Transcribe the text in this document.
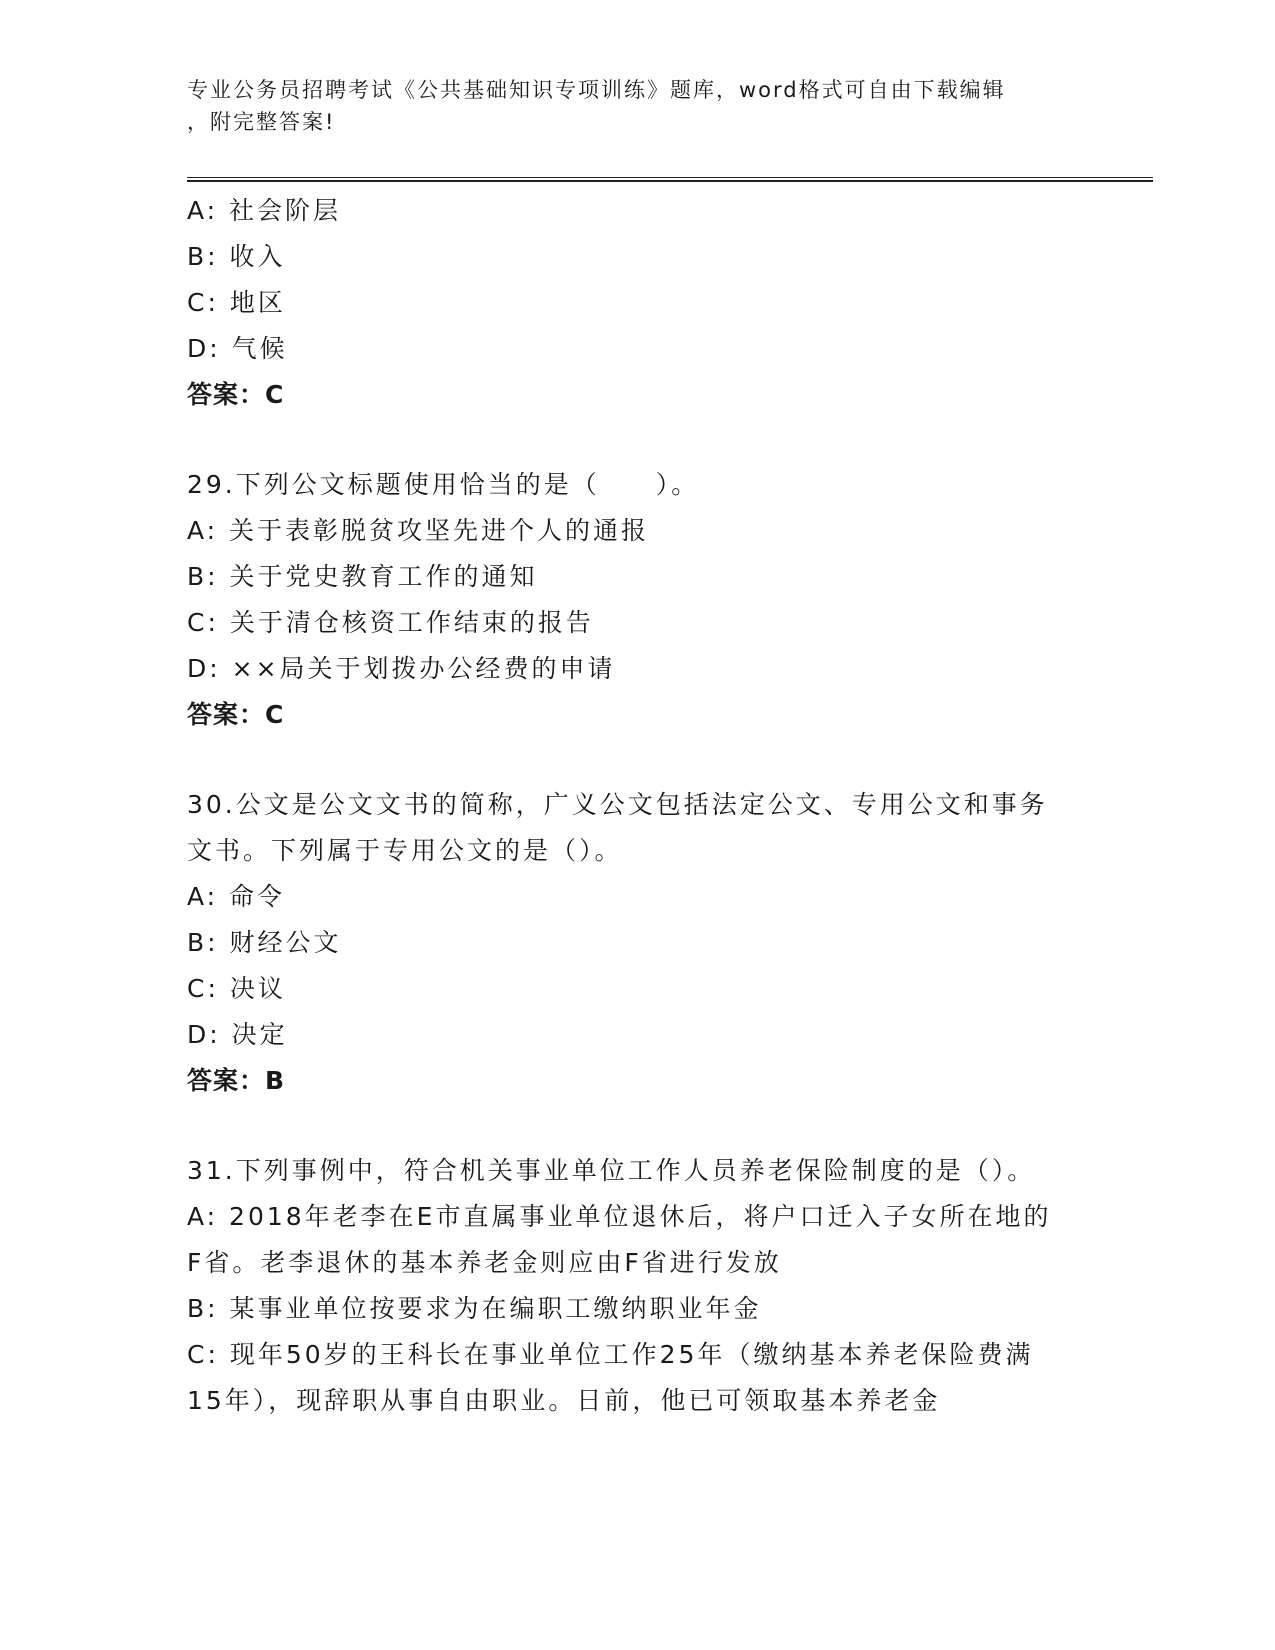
专业公务员招聘考试《公共基础知识专项训练》题库，word格式可自由下载编辑
，附完整答案!
A: 社会阶层
B: 收入
C: 地区
D: 气候
答案：C
29.下列公文标题使用恰当的是（　　）。
A: 关于表彰脱贫攻坚先进个人的通报
B: 关于党史教育工作的通知
C: 关于清仓核资工作结束的报告
D: ××局关于划拨办公经费的申请
答案：C
30.公文是公文文书的简称，广义公文包括法定公文、专用公文和事务
文书。下列属于专用公文的是（）。
A: 命令
B: 财经公文
C: 决议
D: 决定
答案：B
31.下列事例中，符合机关事业单位工作人员养老保险制度的是（）。
A: 2018年老李在E市直属事业单位退休后，将户口迁入子女所在地的
F省。老李退休的基本养老金则应由F省进行发放
B: 某事业单位按要求为在编职工缴纳职业年金
C: 现年50岁的王科长在事业单位工作25年（缴纳基本养老保险费满
15年），现辞职从事自由职业。日前，他已可领取基本养老金
